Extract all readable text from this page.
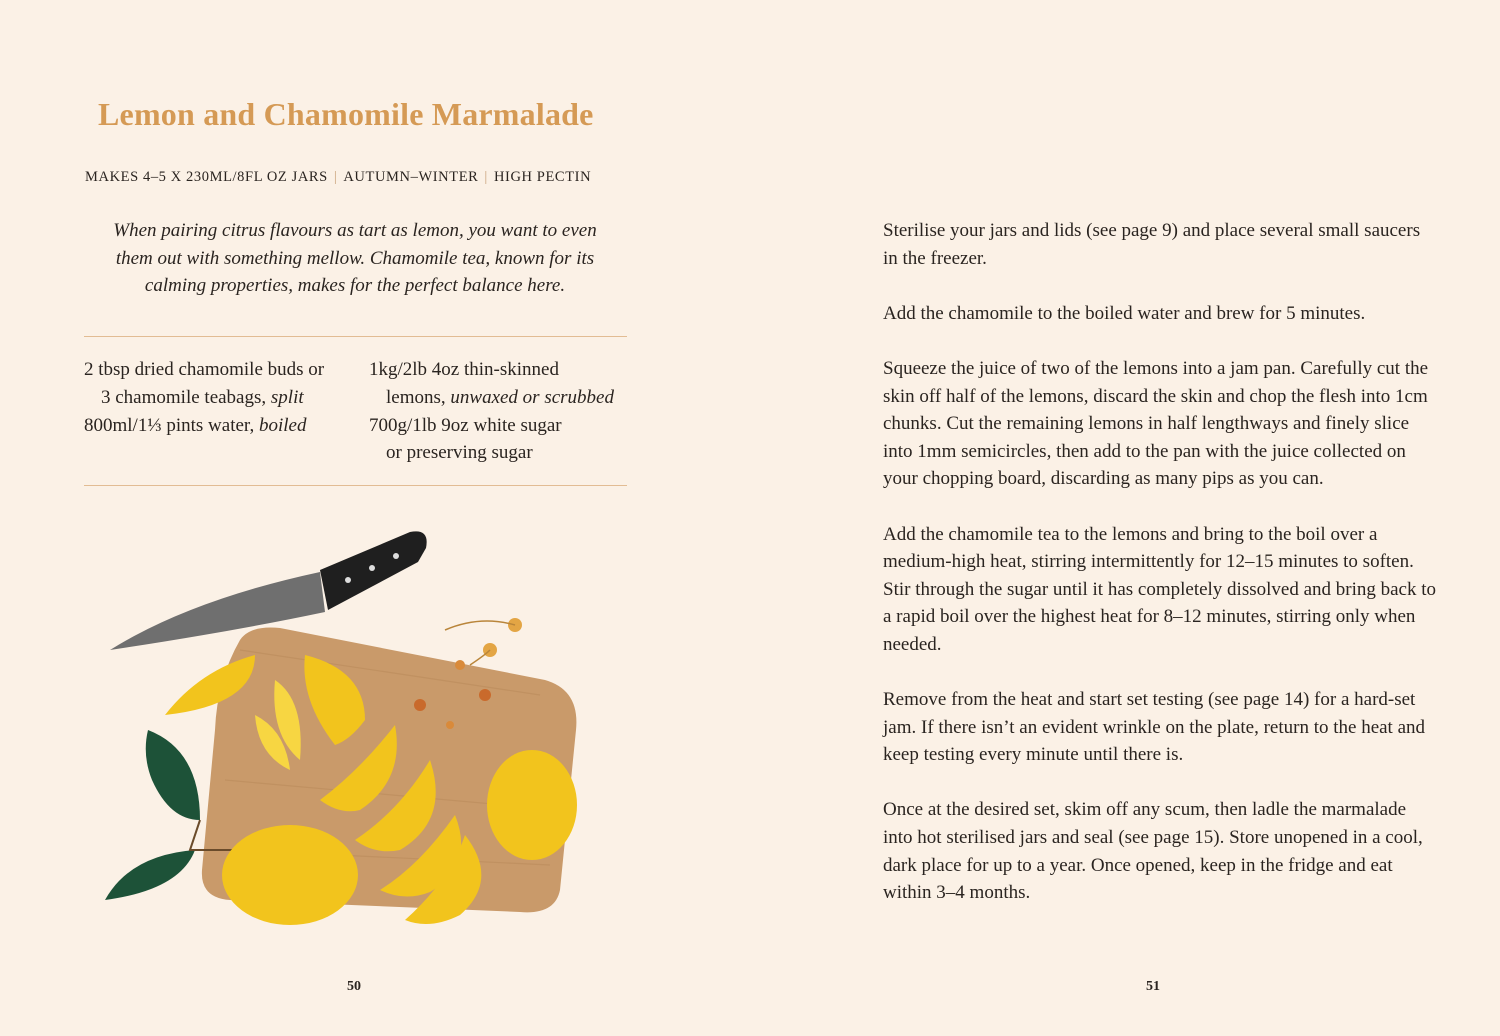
Lemon and Chamomile Marmalade
MAKES 4–5 X 230ML/8FL OZ JARS | AUTUMN–WINTER | HIGH PECTIN
When pairing citrus flavours as tart as lemon, you want to even them out with something mellow. Chamomile tea, known for its calming properties, makes for the perfect balance here.

2 tbsp dried chamomile buds or
3 chamomile teabags, split

800ml/1⅓ pints water, boiled

1kg/2lb 4oz thin-skinned
lemons, unwaxed or scrubbed

700g/1lb 9oz white sugar
or preserving sugar

50

Sterilise your jars and lids (see page 9) and place several small saucers in the freezer.

Add the chamomile to the boiled water and brew for 5 minutes.

Squeeze the juice of two of the lemons into a jam pan. Carefully cut the skin off half of the lemons, discard the skin and chop the flesh into 1cm chunks. Cut the remaining lemons in half lengthways and finely slice into 1mm semicircles, then add to the pan with the juice collected on your chopping board, discarding as many pips as you can.

Add the chamomile tea to the lemons and bring to the boil over a medium-high heat, stirring intermittently for 12–15 minutes to soften. Stir through the sugar until it has completely dissolved and bring back to a rapid boil over the highest heat for 8–12 minutes, stirring only when needed.

Remove from the heat and start set testing (see page 14) for a hard-set jam. If there isn’t an evident wrinkle on the plate, return to the heat and keep testing every minute until there is.

Once at the desired set, skim off any scum, then ladle the marmalade into hot sterilised jars and seal (see page 15). Store unopened in a cool, dark place for up to a year. Once opened, keep in the fridge and eat within 3–4 months.

51
